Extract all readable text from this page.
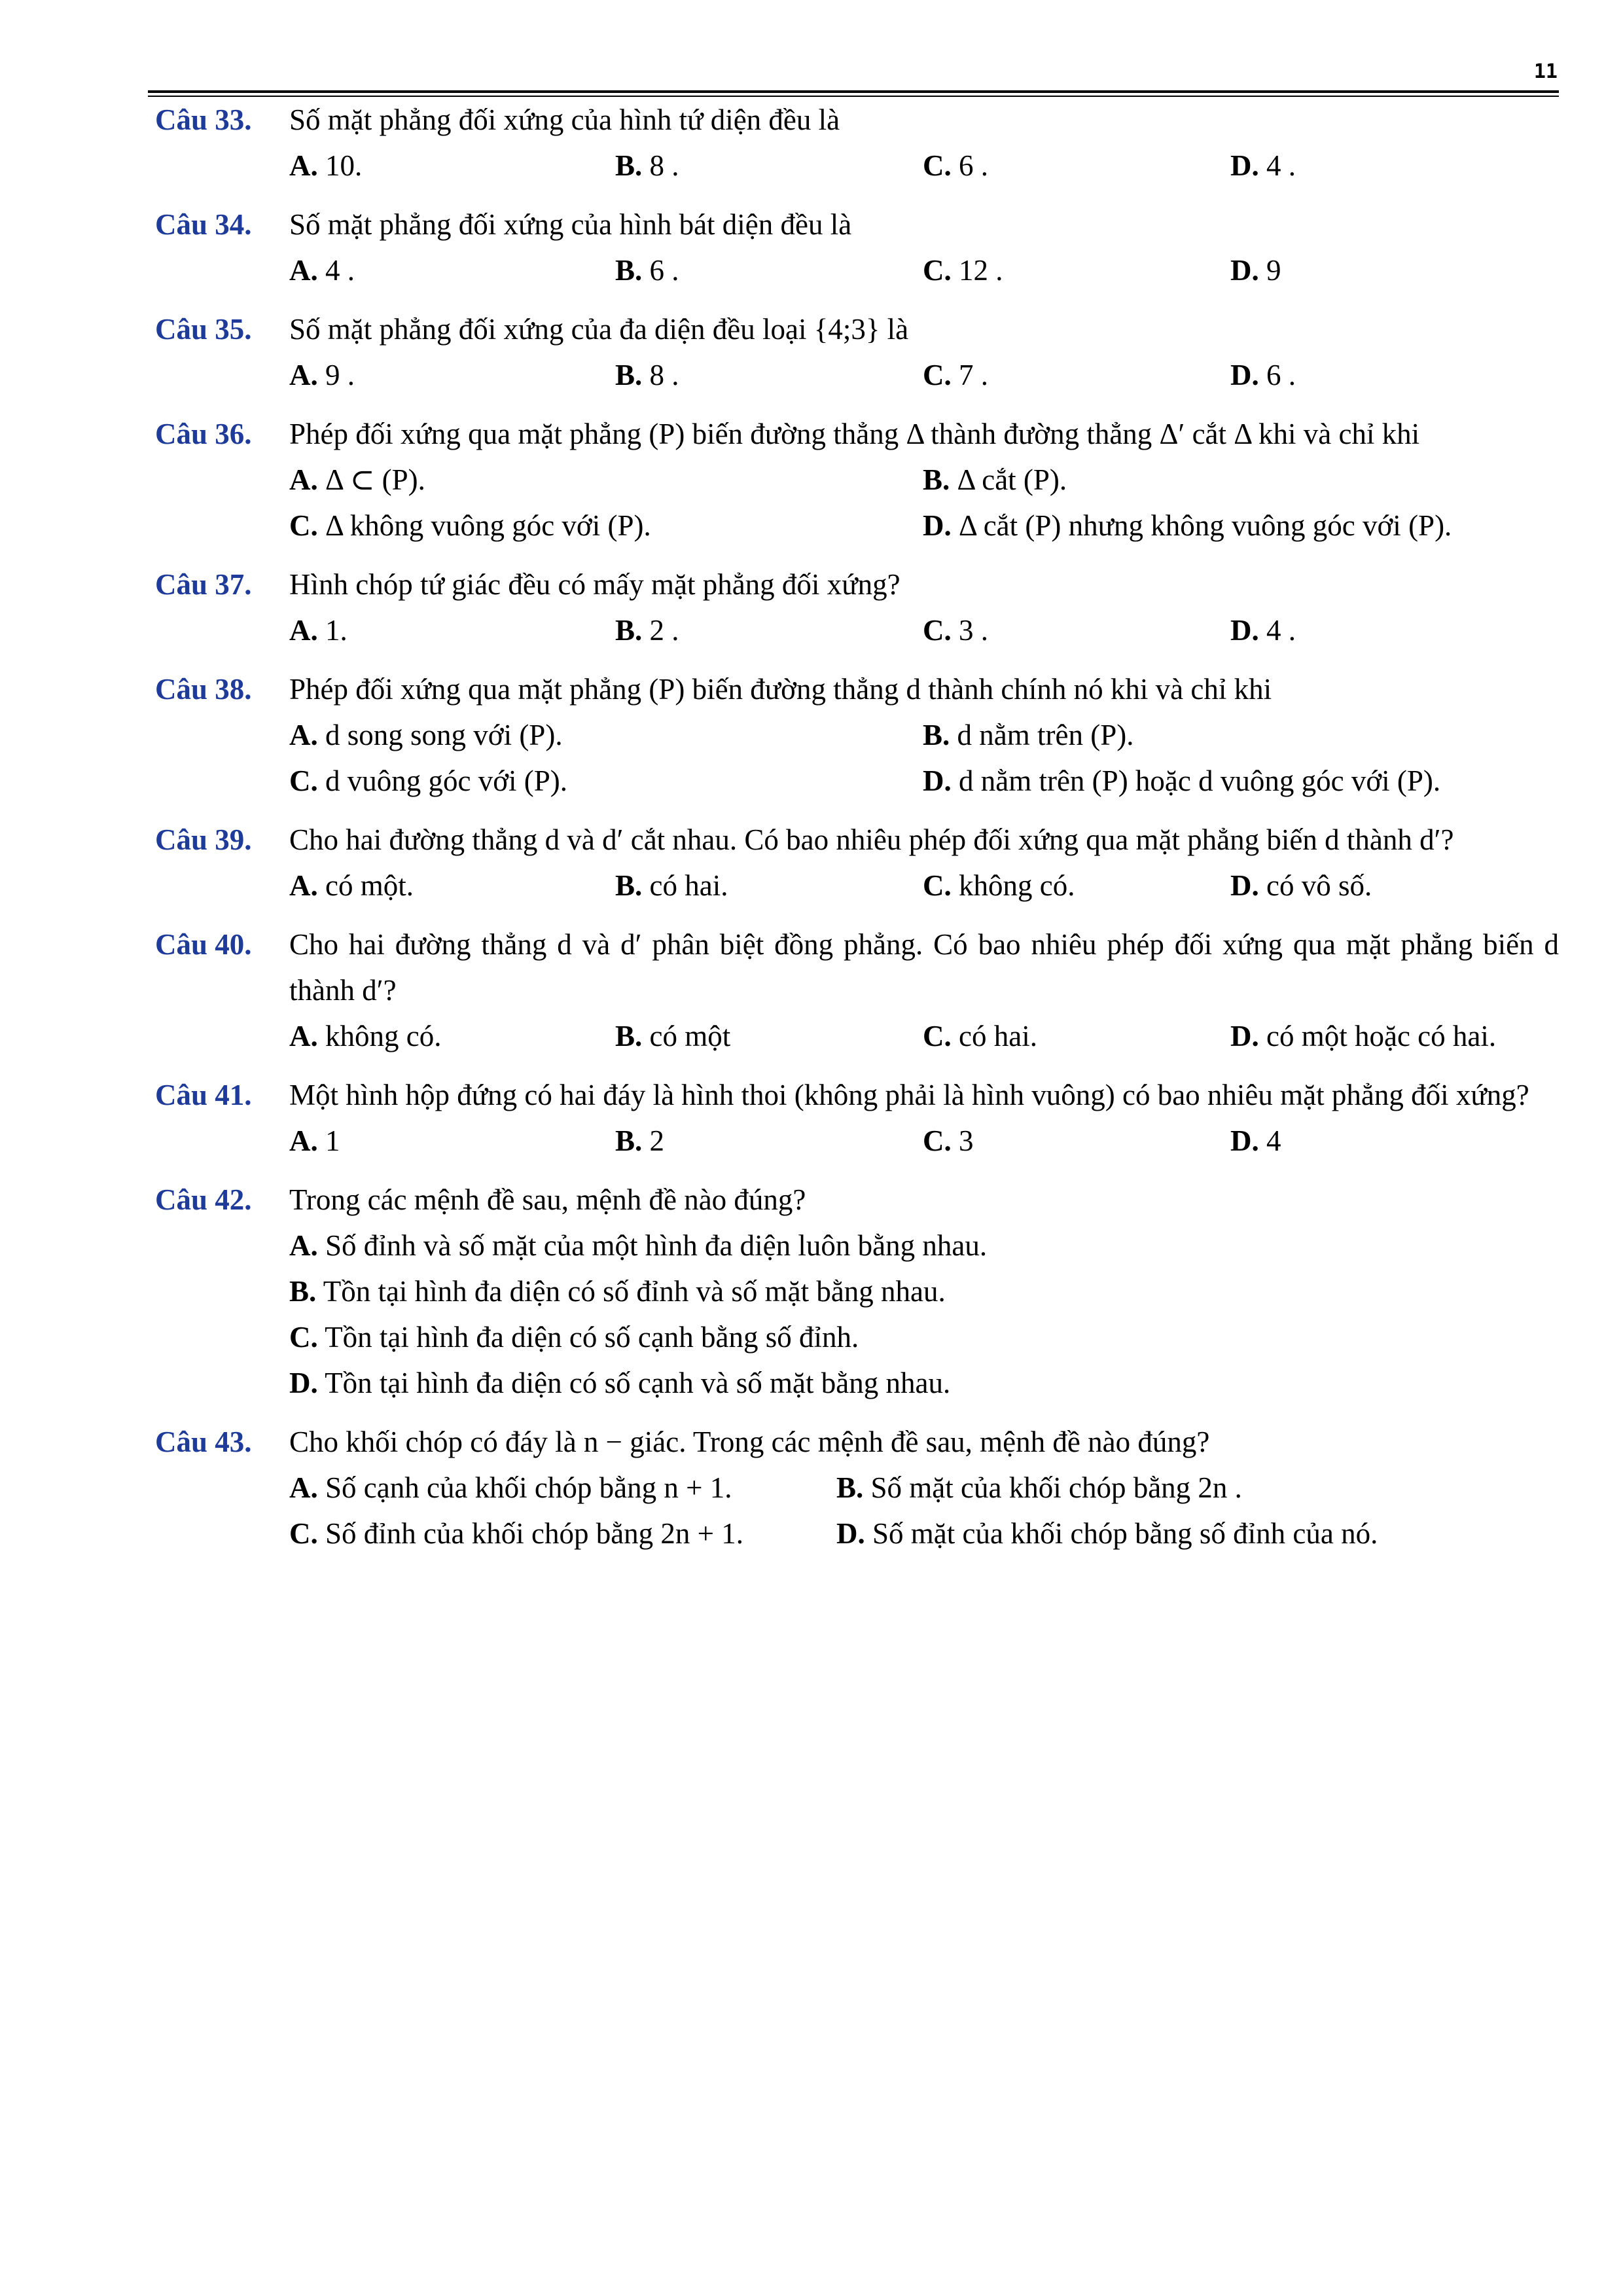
11
Câu 33. Số mặt phẳng đối xứng của hình tứ diện đều là
A. 10.	B. 8 .	C. 6 .	D. 4 .
Câu 34. Số mặt phẳng đối xứng của hình bát diện đều là
A. 4 .	B. 6 .	C. 12 .	D. 9
Câu 35. Số mặt phẳng đối xứng của đa diện đều loại {4;3} là
A. 9 .	B. 8 .	C. 7 .	D. 6 .
Câu 36. Phép đối xứng qua mặt phẳng (P) biến đường thẳng Δ thành đường thẳng Δ′ cắt Δ khi và chỉ khi
A. Δ ⊂ (P).	B. Δ cắt (P).
C. Δ không vuông góc với (P).	D. Δ cắt (P) nhưng không vuông góc với (P).
Câu 37. Hình chóp tứ giác đều có mấy mặt phẳng đối xứng?
A. 1.	B. 2 .	C. 3 .	D. 4 .
Câu 38. Phép đối xứng qua mặt phẳng (P) biến đường thẳng d thành chính nó khi và chỉ khi
A. d song song với (P).	B. d nằm trên (P).
C. d vuông góc với (P).	D. d nằm trên (P) hoặc d vuông góc với (P).
Câu 39. Cho hai đường thẳng d và d′ cắt nhau. Có bao nhiêu phép đối xứng qua mặt phẳng biến d thành d′?
A. có một.	B. có hai.	C. không có.	D. có vô số.
Câu 40. Cho hai đường thẳng d và d′ phân biệt đồng phẳng. Có bao nhiêu phép đối xứng qua mặt phẳng biến d thành d′?
A. không có.	B. có một	C. có hai.	D. có một hoặc có hai.
Câu 41. Một hình hộp đứng có hai đáy là hình thoi (không phải là hình vuông) có bao nhiêu mặt phẳng đối xứng?
A. 1	B. 2	C. 3	D. 4
Câu 42. Trong các mệnh đề sau, mệnh đề nào đúng?
A. Số đỉnh và số mặt của một hình đa diện luôn bằng nhau.
B. Tồn tại hình đa diện có số đỉnh và số mặt bằng nhau.
C. Tồn tại hình đa diện có số cạnh bằng số đỉnh.
D. Tồn tại hình đa diện có số cạnh và số mặt bằng nhau.
Câu 43. Cho khối chóp có đáy là n − giác. Trong các mệnh đề sau, mệnh đề nào đúng?
A. Số cạnh của khối chóp bằng n + 1.	B. Số mặt của khối chóp bằng 2n .
C. Số đỉnh của khối chóp bằng 2n + 1.	D. Số mặt của khối chóp bằng số đỉnh của nó.
